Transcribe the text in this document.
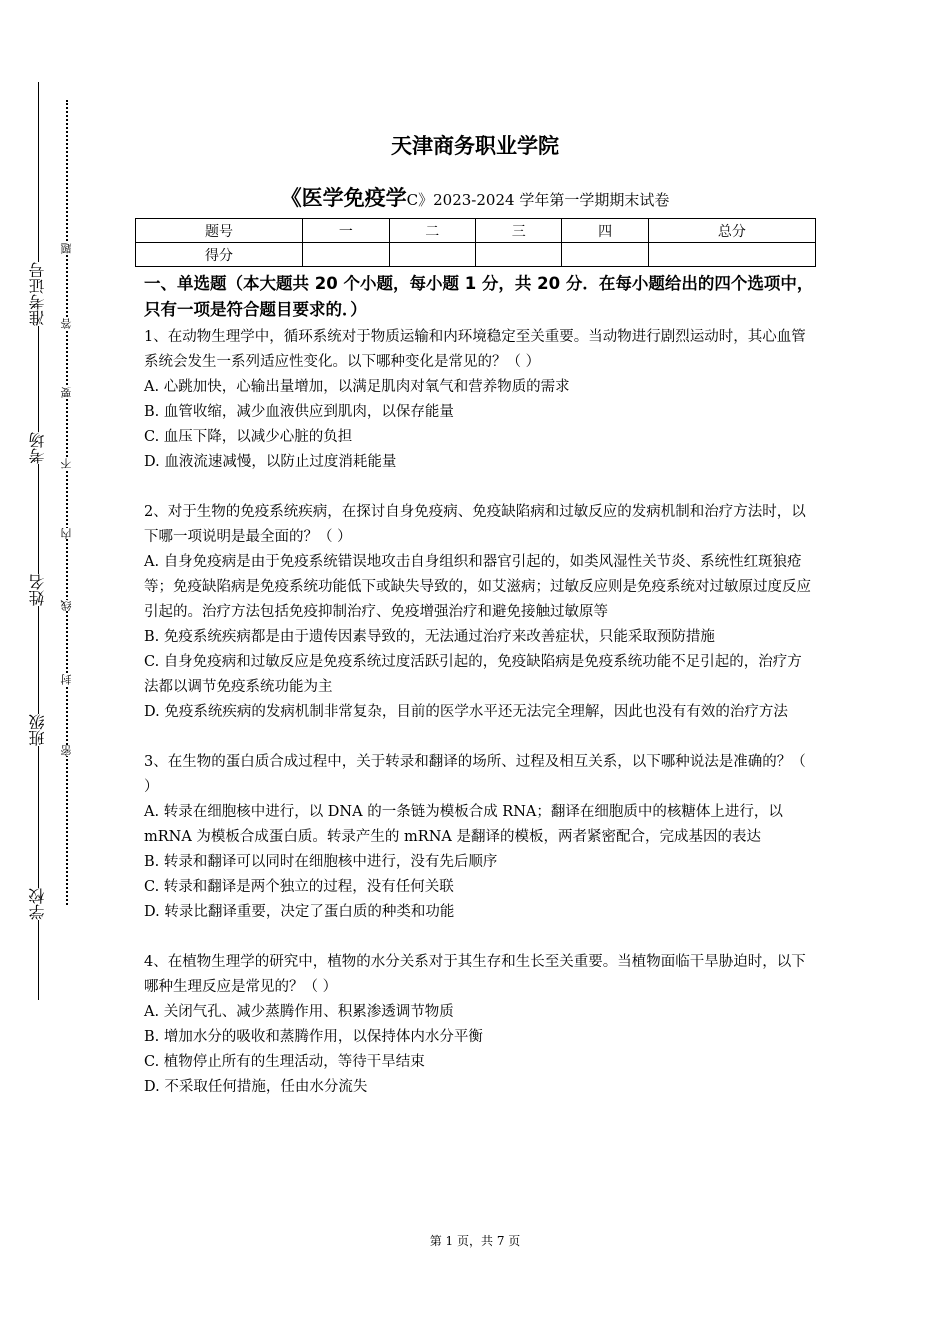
准考证号
考场
姓名
班级
学校
题
答
要
不
内
线
封
密
天津商务职业学院
《医学免疫学C》2023-2024 学年第一学期期末试卷
题号	一	二	三	四	总分
得分					
一、单选题（本大题共 20 个小题，每小题 1 分，共 20 分．在每小题给出的四个选项中，只有一项是符合题目要求的．）
1、在动物生理学中，循环系统对于物质运输和内环境稳定至关重要。当动物进行剧烈运动时，其心血管系统会发生一系列适应性变化。以下哪种变化是常见的？（ ）
A. 心跳加快，心输出量增加，以满足肌肉对氧气和营养物质的需求
B. 血管收缩，减少血液供应到肌肉，以保存能量
C. 血压下降，以减少心脏的负担
D. 血液流速减慢，以防止过度消耗能量
2、对于生物的免疫系统疾病，在探讨自身免疫病、免疫缺陷病和过敏反应的发病机制和治疗方法时，以下哪一项说明是最全面的？（ ）
A. 自身免疫病是由于免疫系统错误地攻击自身组织和器官引起的，如类风湿性关节炎、系统性红斑狼疮等；免疫缺陷病是免疫系统功能低下或缺失导致的，如艾滋病；过敏反应则是免疫系统对过敏原过度反应引起的。治疗方法包括免疫抑制治疗、免疫增强治疗和避免接触过敏原等
B. 免疫系统疾病都是由于遗传因素导致的，无法通过治疗来改善症状，只能采取预防措施
C. 自身免疫病和过敏反应是免疫系统过度活跃引起的，免疫缺陷病是免疫系统功能不足引起的，治疗方法都以调节免疫系统功能为主
D. 免疫系统疾病的发病机制非常复杂，目前的医学水平还无法完全理解，因此也没有有效的治疗方法
3、在生物的蛋白质合成过程中，关于转录和翻译的场所、过程及相互关系，以下哪种说法是准确的？（ ）
A. 转录在细胞核中进行，以 DNA 的一条链为模板合成 RNA；翻译在细胞质中的核糖体上进行，以 mRNA 为模板合成蛋白质。转录产生的 mRNA 是翻译的模板，两者紧密配合，完成基因的表达
B. 转录和翻译可以同时在细胞核中进行，没有先后顺序
C. 转录和翻译是两个独立的过程，没有任何关联
D. 转录比翻译重要，决定了蛋白质的种类和功能
4、在植物生理学的研究中，植物的水分关系对于其生存和生长至关重要。当植物面临干旱胁迫时，以下哪种生理反应是常见的？（ ）
A. 关闭气孔、减少蒸腾作用、积累渗透调节物质
B. 增加水分的吸收和蒸腾作用，以保持体内水分平衡
C. 植物停止所有的生理活动，等待干旱结束
D. 不采取任何措施，任由水分流失
第 1 页，共 7 页
